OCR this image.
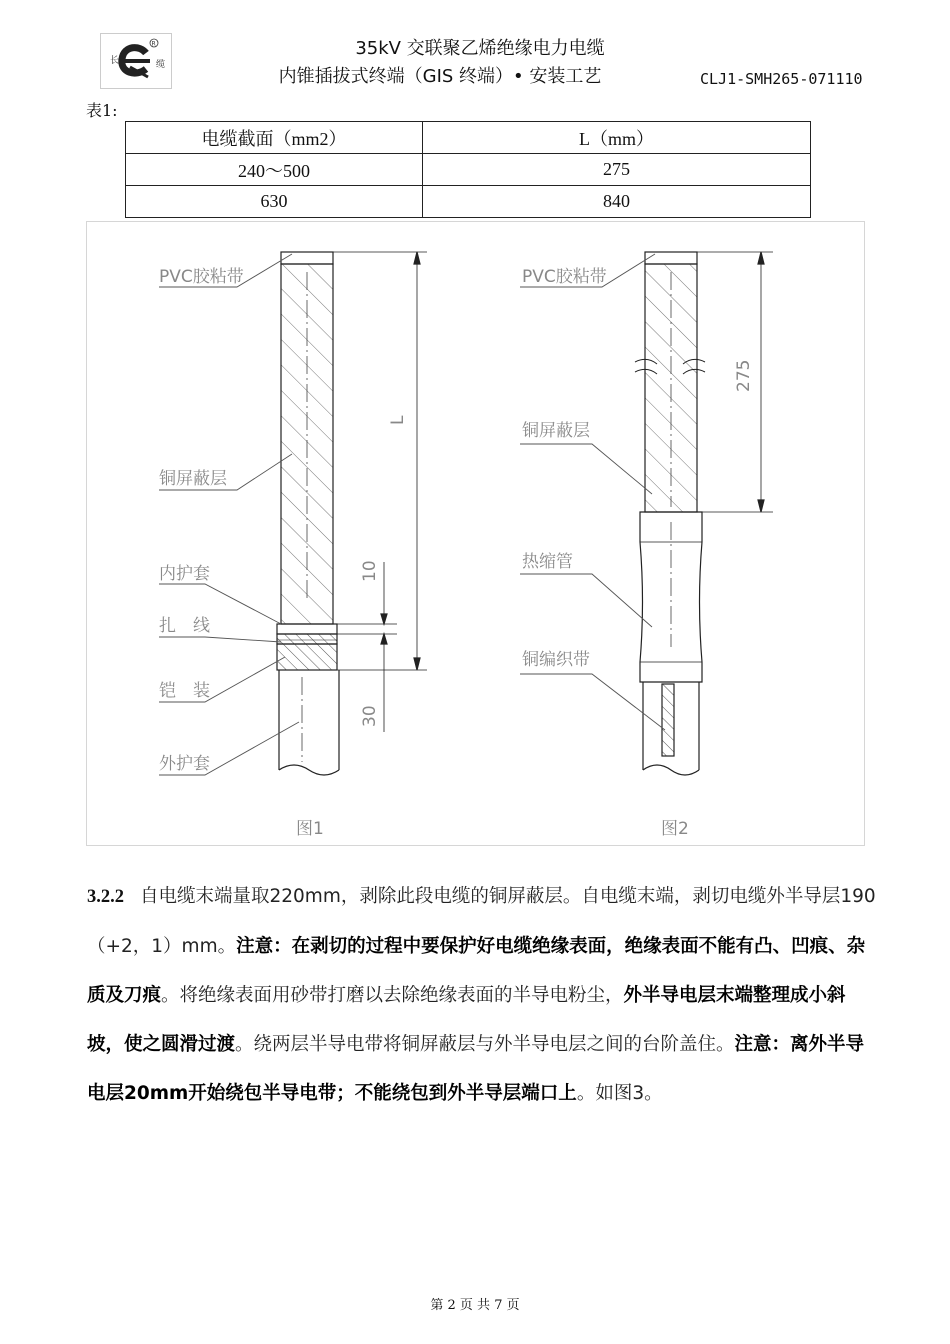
长	缆
R	35kV 交联聚乙烯绝缘电力电缆
内锥插拔式终端（GIS 终端）• 安装工艺	CLJ1-SMH265-071110
表1:
电缆截面（mm2）	L（mm）
240～500	275
630	840
PVC胶粘带
铜屏蔽层
内护套
扎　线
铠　装
外护套
L
10
30
图1
PVC胶粘带
铜屏蔽层
热缩管
铜编织带
275
图2
3.2.2 自电缆末端量取220mm，剥除此段电缆的铜屏蔽层。自电缆末端，剥切电缆外半导层190（+2，1）mm。注意：在剥切的过程中要保护好电缆绝缘表面，绝缘表面不能有凸、凹痕、杂质及刀痕。将绝缘表面用砂带打磨以去除绝缘表面的半导电粉尘，外半导电层末端整理成小斜坡，使之圆滑过渡。绕两层半导电带将铜屏蔽层与外半导电层之间的台阶盖住。注意：离外半导电层20mm开始绕包半导电带；不能绕包到外半导层端口上。如图3。
第 2 页 共 7 页
